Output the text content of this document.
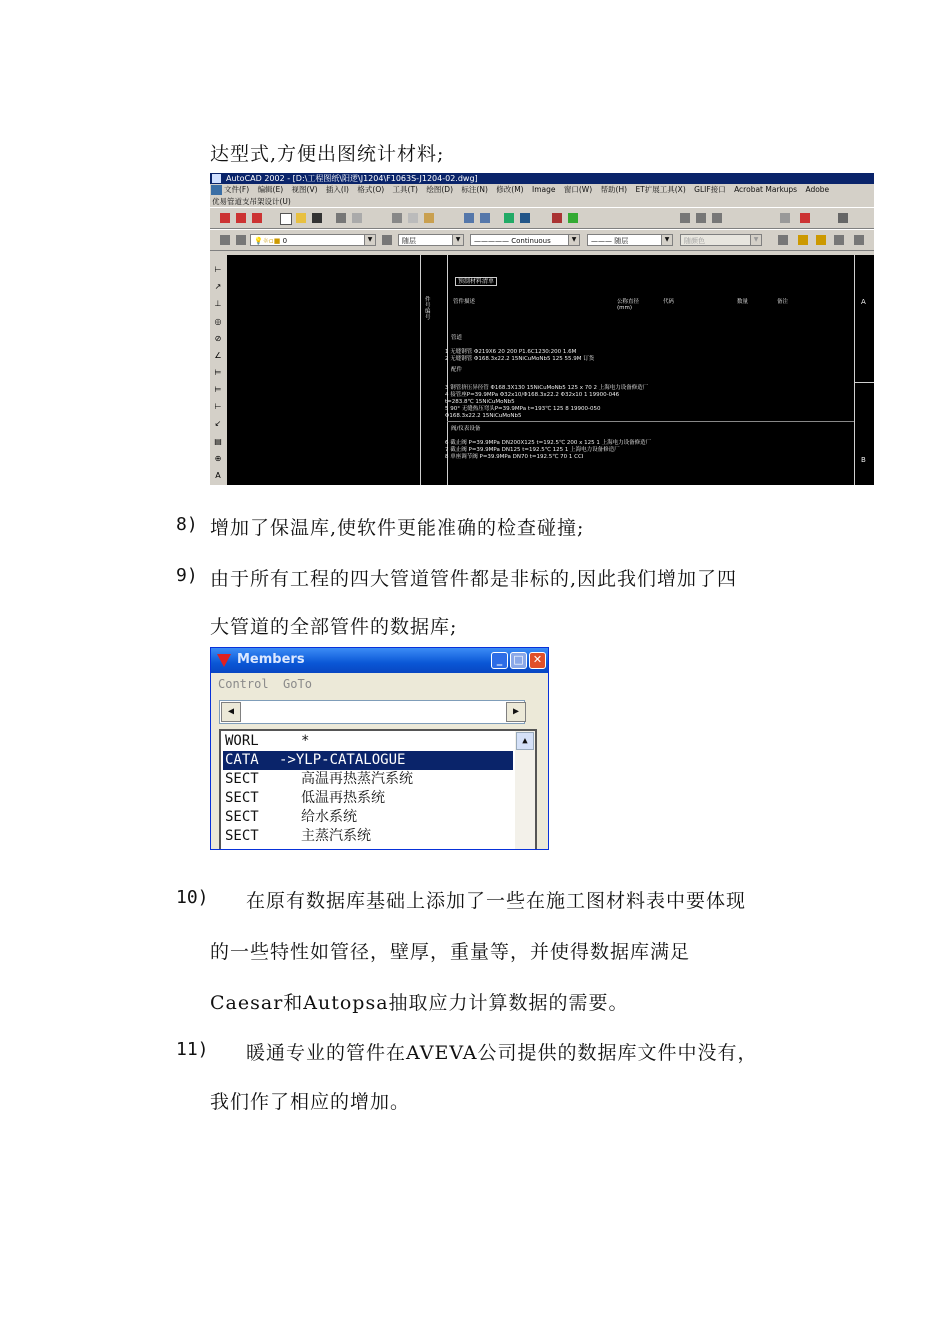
达型式,方便出图统计材料;
AutoCAD 2002 - [D:\工程图纸\阳逻\J1204\F1063S-J1204-02.dwg]
文件(F) 编辑(E) 视图(V) 插入(I) 格式(O) 工具(T) 绘图(D) 标注(N) 修改(M) Image 窗口(W) 帮助(H) ET扩展工具(X) GLIF接口 Acrobat Markups Adobe
优易管道支吊架设计(U)
💡☼▫■ 0	▼	随层	▼	————— Continuous	▼	——— 随层	▼	随颜色	▼
⊢
↗
⊥
◎
⊘
∠
⊨
⊨
⊢
↙
▤
⊕
A
预制材料清单
件号编号
管件描述	公称直径(mm)
代码	数量	备注
管道
1 无缝钢管 Φ219X6 20 200 P1.6C1230:200 1.6M
2 无缝钢管 Φ168.3x22.2 15NiCuMoNb5 125 55.9M 订货
配件
3 钢管挤压异径管 Φ168.3X130 15NiCuMoNb5 125 x 70 2 上海电力设备修造厂
4 接管座P=39.9MPa Φ32x10/Φ168.3x22.2 Φ32x10 1 19900-046
t=283.8℃ 15NiCuMoNb5
5 90° 无缝热压弯头P=39.9MPa t=193℃ 125 8 19900-050
Φ168.3x22.2 15NiCuMoNb5
阀/仪表设备
6 截止阀 P=39.9MPa DN200X125 t=192.5℃ 200 x 125 1 上海电力设备修造厂
7 截止阀 P=39.9MPa DN125 t=192.5℃ 125 1 上海电力设备修造厂
8 单座调节阀 P=39.9MPa DN70 t=192.5℃ 70 1 CCI
A
B
8) 增加了保温库,使软件更能准确的检查碰撞;
9) 由于所有工程的四大管道管件都是非标的,因此我们增加了四
大管道的全部管件的数据库;
Members	_	□ ✕
Control GoTo
◀	▶
WORL	*
CATA ->YLP-CATALOGUE
SECT	高温再热蒸汽系统
SECT	低温再热系统
SECT	给水系统
SECT	主蒸汽系统
▲
10) 在原有数据库基础上添加了一些在施工图材料表中要体现
的一些特性如管径，壁厚，重量等，并使得数据库满足
Caesar和Autopsa抽取应力计算数据的需要。
11) 暖通专业的管件在AVEVA公司提供的数据库文件中没有，
我们作了相应的增加。
